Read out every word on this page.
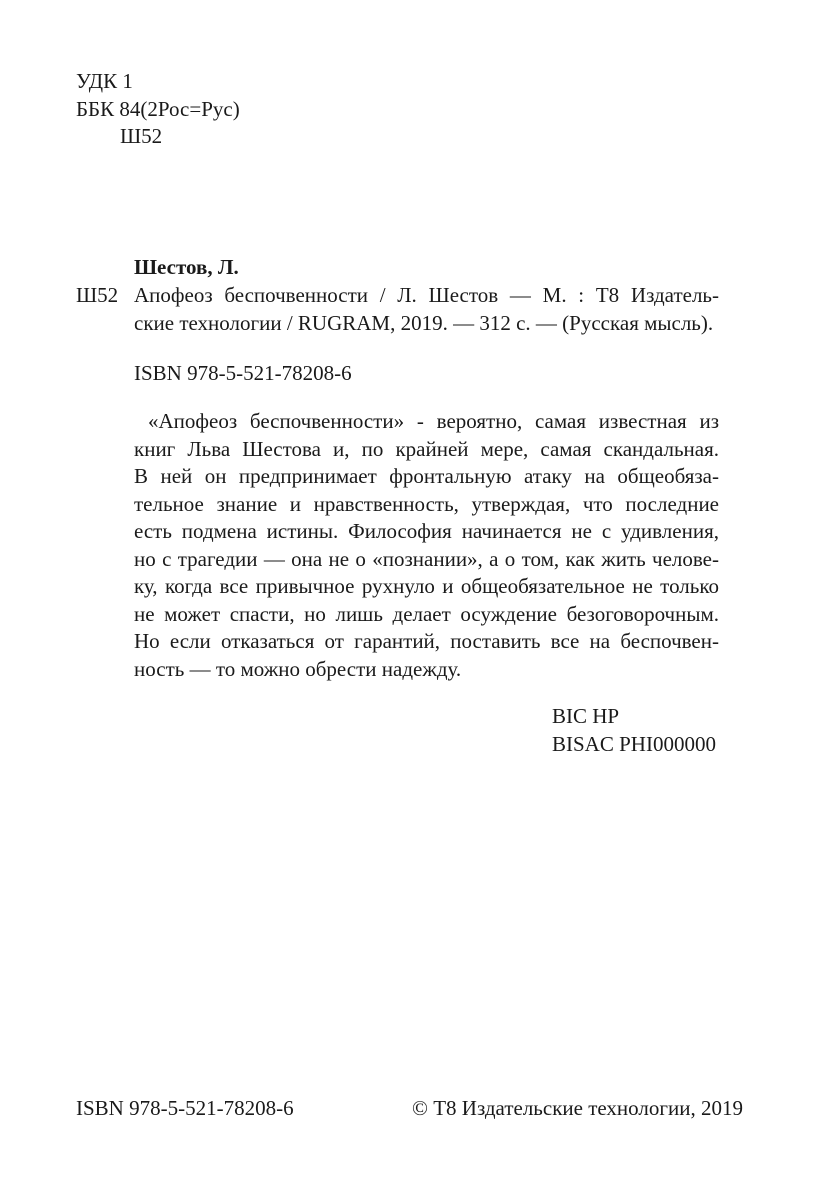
УДК 1
ББК 84(2Рос=Рус)
Ш52
Шестов, Л.
Ш52 Апофеоз беспочвенности / Л. Шестов — М. : Т8 Издатель-
ские технологии / RUGRAM, 2019. — 312 с. — (Русская мысль).
ISBN 978-5-521-78208-6
«Апофеоз беспочвенности» - вероятно, самая известная из
книг Льва Шестова и, по крайней мере, самая скандальная.
В ней он предпринимает фронтальную атаку на общеобяза-
тельное знание и нравственность, утверждая, что последние
есть подмена истины. Философия начинается не с удивления,
но с трагедии — она не о «познании», а о том, как жить челове-
ку, когда все привычное рухнуло и общеобязательное не только
не может спасти, но лишь делает осуждение безоговорочным.
Но если отказаться от гарантий, поставить все на беспочвен-
ность — то можно обрести надежду.
BIC HP
BISAC PHI000000
ISBN 978-5-521-78208-6	© Т8 Издательские технологии, 2019
